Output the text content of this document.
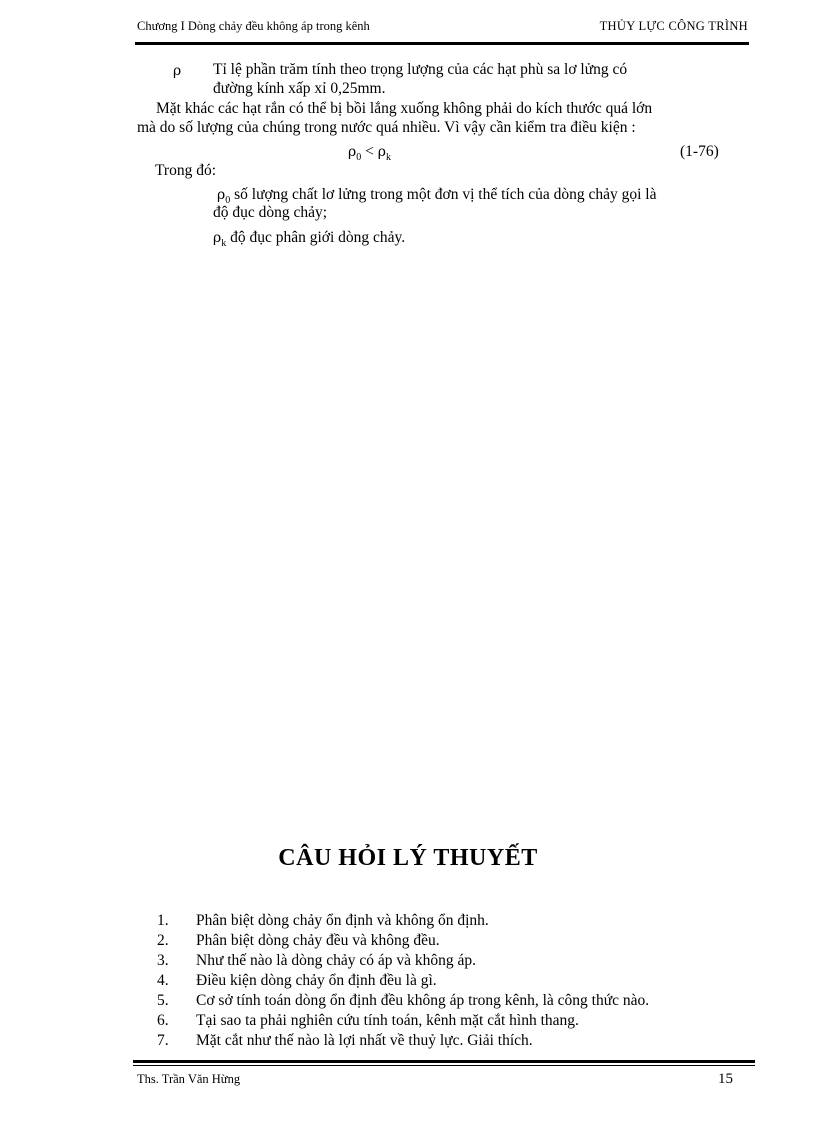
Chương I Dòng chảy đều không áp trong kênh	THỦY LỰC CÔNG TRÌNH
ρ Tỉ lệ phần trăm tính theo trọng lượng của các hạt phù sa lơ lửng có
đường kính xấp xỉ 0,25mm.
Mặt khác các hạt rắn có thể bị bồi lắng xuống không phải do kích thước quá lớn
mà do số lượng của chúng trong nước quá nhiều. Vì vậy cần kiểm tra điều kiện :
$\rho_0 < \rho_k$	(1-76)
Trong đó:
$\rho_0$ số lượng chất lơ lửng trong một đơn vị thể tích của dòng chảy gọi là
độ đục dòng chảy;
$\rho_k$ độ đục phân giới dòng chảy.
CÂU HỎI LÝ THUYẾT
1. Phân biệt dòng chảy ổn định và không ổn định.
2. Phân biệt dòng chảy đều và không đều.
3. Như thế nào là dòng chảy có áp và không áp.
4. Điều kiện dòng chảy ổn định đều là gì.
5. Cơ sở tính toán dòng ổn định đều không áp trong kênh, là công thức nào.
6. Tại sao ta phải nghiên cứu tính toán, kênh mặt cắt hình thang.
7. Mặt cắt như thế nào là lợi nhất về thuỷ lực. Giải thích.
Ths. Trần Văn Hừng	15
